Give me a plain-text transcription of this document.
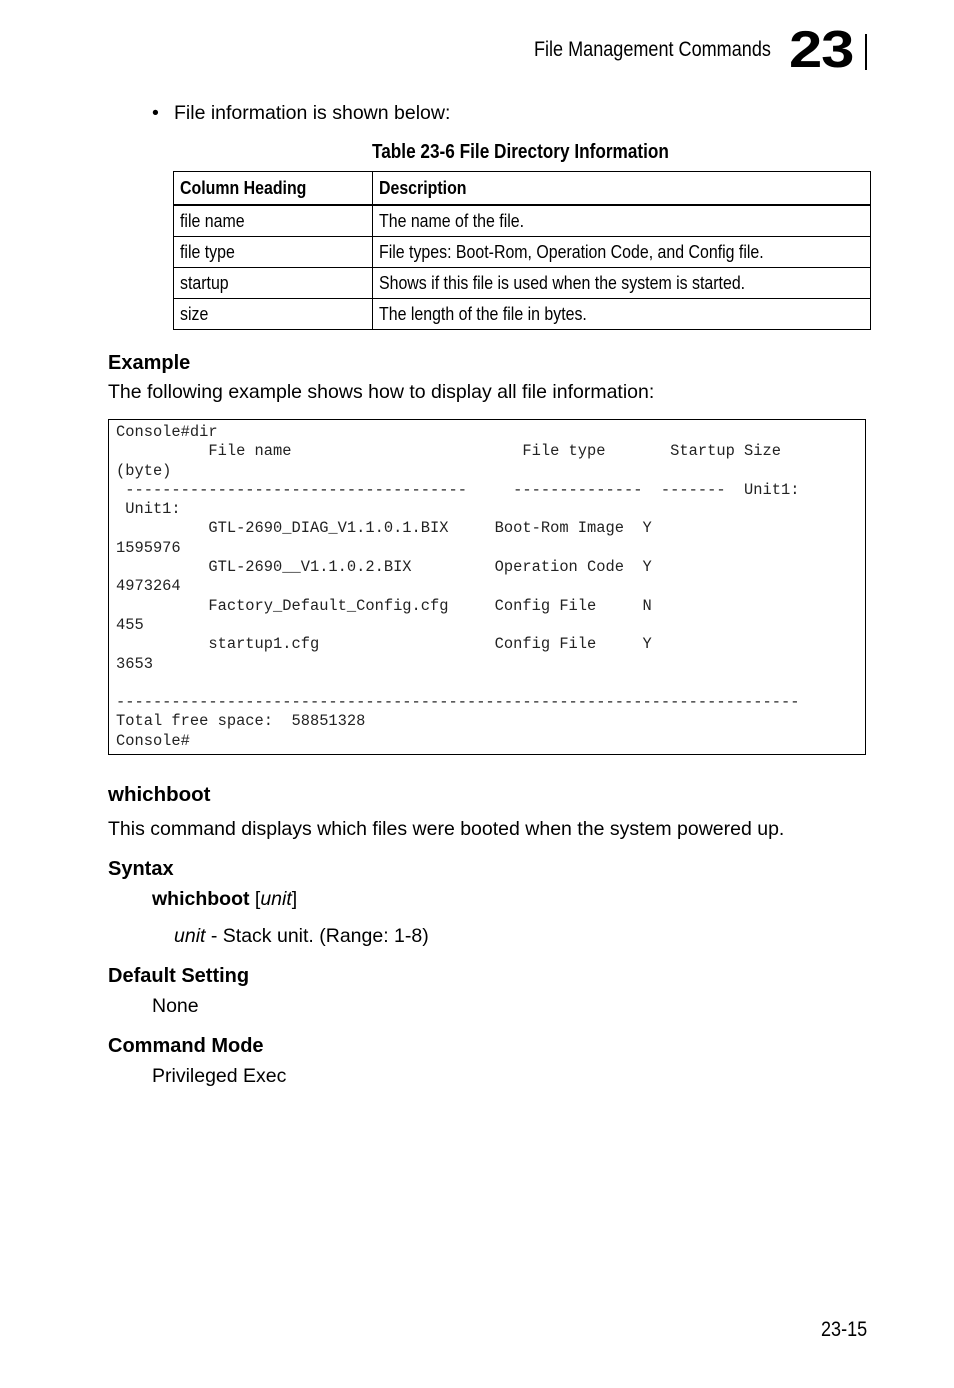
File Management Commands 23
• File information is shown below:
Table 23-6 File Directory Information
Column Heading	Description
file name	The name of the file.
file type	File types: Boot-Rom, Operation Code, and Config file.
startup	Shows if this file is used when the system is started.
size	The length of the file in bytes.
Example
The following example shows how to display all file information:
Console#dir
File name                         File type       Startup Size
(byte)
-------------------------------------     --------------  -------  Unit1:
Unit1:
GTL-2690_DIAG_V1.1.0.1.BIX     Boot-Rom Image  Y
1595976
GTL-2690__V1.1.0.2.BIX         Operation Code  Y
4973264
Factory_Default_Config.cfg     Config File     N
455
startup1.cfg                   Config File     Y
3653

--------------------------------------------------------------------------
Total free space:  58851328
Console#
whichboot
This command displays which files were booted when the system powered up.
Syntax
whichboot [unit]
unit - Stack unit. (Range: 1-8)
Default Setting
None
Command Mode
Privileged Exec
23-15
